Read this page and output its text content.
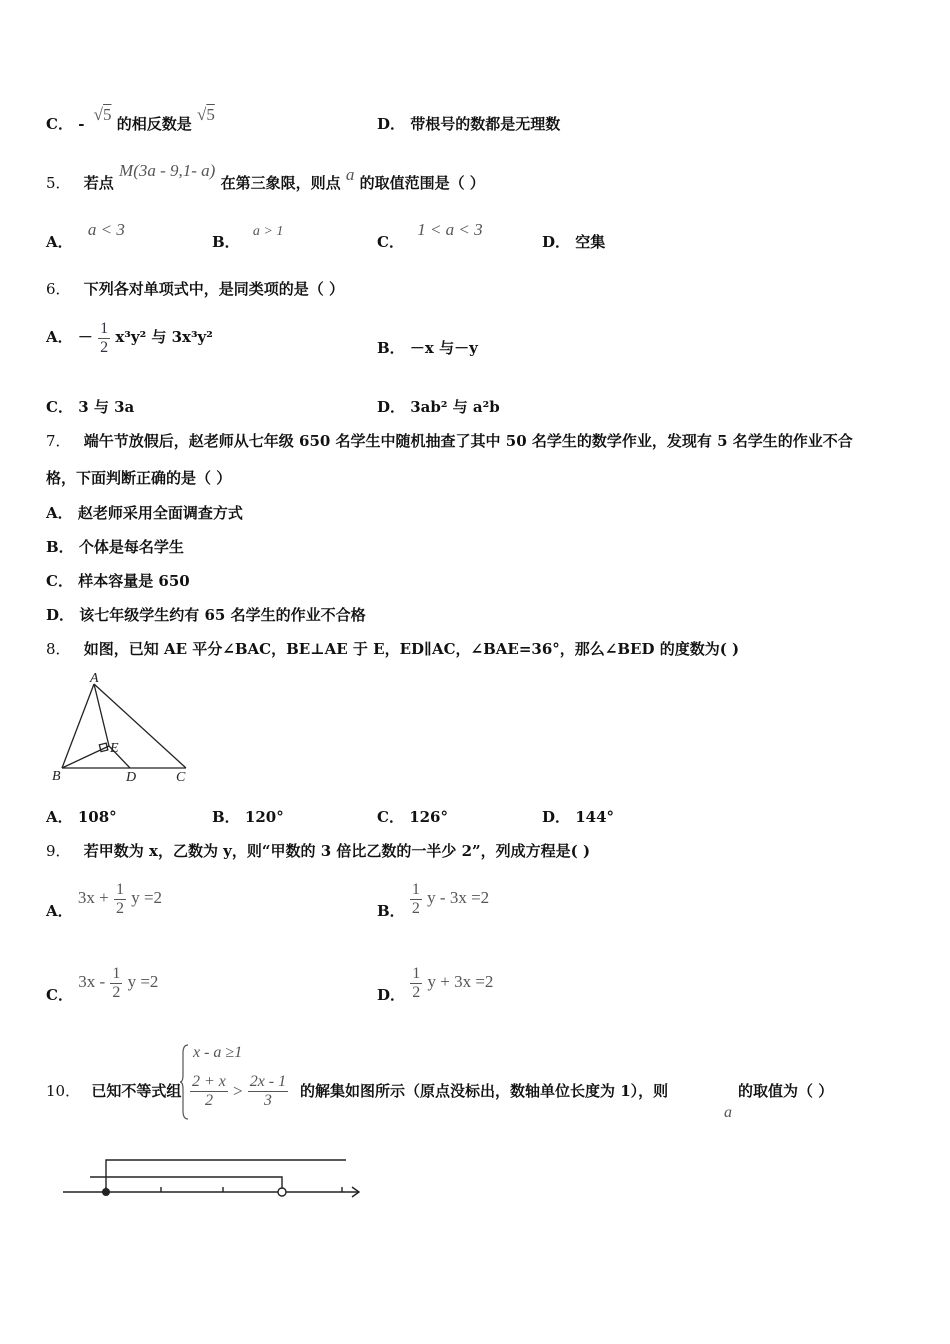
C． - √5 的相反数是 √5	D． 带根号的数都是无理数
5． 若点 M(3a - 9,1- a) 在第三象限，则点 a 的取值范围是（ ）
A． a < 3
B． a > 1
C． 1 < a < 3
D． 空集
6． 下列各对单项式中，是同类项的是（ ）
A． － $\frac{1}{2} x^3y^2$ 与 3x³y²
B． －x 与－y
C． 3 与 3a	D． 3ab² 与 a²b
7． 端午节放假后，赵老师从七年级 650 名学生中随机抽查了其中 50 名学生的数学作业，发现有 5 名学生的作业不合
格，下面判断正确的是（ ）
A． 赵老师采用全面调查方式
B． 个体是每名学生
C． 样本容量是 650
D． 该七年级学生约有 65 名学生的作业不合格
8． 如图，已知 AE 平分∠BAC，BE⊥AE 于 E，ED∥AC，∠BAE=36°，那么∠BED 的度数为( )
A
B	C
D
E
A． 108°	B． 120°	C． 126°	D． 144°
9． 若甲数为 x，乙数为 y，则“甲数的 3 倍比乙数的一半少 2”，列成方程是( )
A． $3x + \frac{1}{2}$ y =2
B． $\frac{1}{2}$ y - 3x =2
C． $3x - \frac{1}{2}$ y =2
D． $\frac{1}{2}$ y + 3x =2
10． 已知不等式组
x - a ≥1
$\frac{2 + x}{2} > \frac{2x - 1}{3}$ 的解集如图所示（原点没标出，数轴单位长度为 1），则
a
的取值为（ ）
